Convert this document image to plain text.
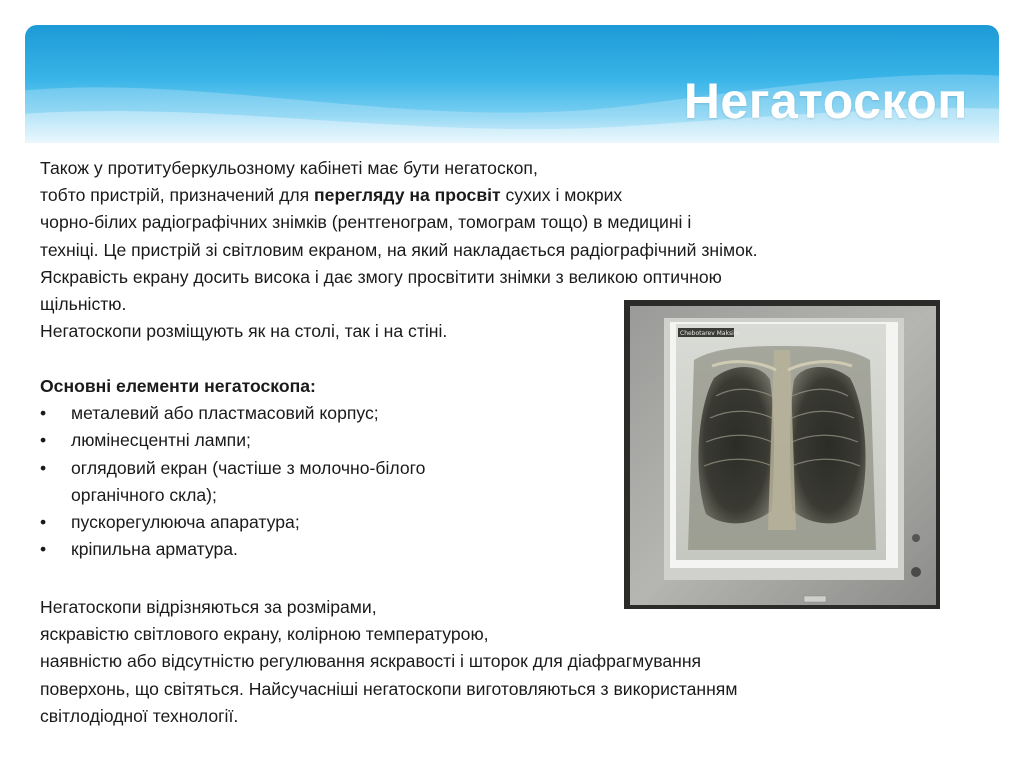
Негатоскоп
Також у протитуберкульозному кабінеті має бути негатоскоп,
тобто пристрій, призначений для перегляду на просвіт сухих і мокрих
чорно-білих радіографічних знімків (рентгенограм, томограм тощо) в медицині і
техніці. Це пристрій зі світловим екраном, на який накладається радіографічний знімок.
Яскравість екрану досить висока і дає змогу просвітити знімки з великою оптичною
щільністю.
Негатоскопи розміщують як на столі, так і на стіні.
Основні елементи негатоскопа:
• металевий або пластмасовий корпус;
• люмінесцентні лампи;
• оглядовий екран (частіше з молочно-білого
органічного скла);
• пускорегулююча апаратура;
• кріпильна арматура.
Негатоскопи відрізняються за розмірами,
яскравістю світлового екрану, колірною температурою,
наявністю або відсутністю регулювання яскравості і шторок для діафрагмування
поверхонь, що світяться. Найсучасніші негатоскопи виготовляються з використанням
світлодіодної технології.
Chebotarev Maksim
